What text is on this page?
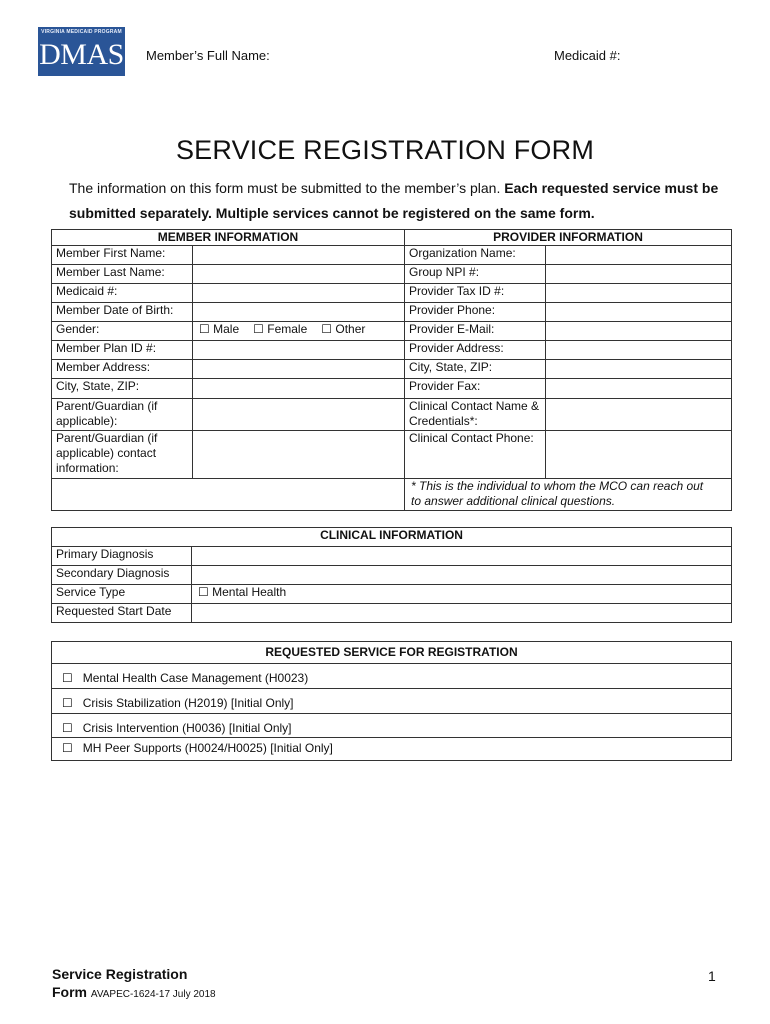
VIRGINIA MEDICAID PROGRAM
DMAS Member’s Full Name:	Medicaid #:
SERVICE REGISTRATION FORM
The information on this form must be submitted to the member’s plan. Each requested service must be submitted separately. Multiple services cannot be registered on the same form.
MEMBER INFORMATION		PROVIDER INFORMATION	
Member First Name:		Organization Name:	
Member Last Name:		Group NPI #:	
Medicaid #:		Provider Tax ID #:	
Member Date of Birth:		Provider Phone:	
Gender:	☐ Male ☐ Female ☐ Other	Provider E-Mail:	
Member Plan ID #:		Provider Address:	
Member Address:		City, State, ZIP:	
City, State, ZIP:		Provider Fax:	
Parent/Guardian (if applicable):		Clinical Contact Name & Credentials*:	
Parent/Guardian (if applicable) contact information:		Clinical Contact Phone:	

		* This is the individual to whom the MCO can reach out
to answer additional clinical questions.	
CLINICAL INFORMATION	
Primary Diagnosis	
Secondary Diagnosis	
Service Type	☐ Mental Health
Requested Start Date	
REQUESTED SERVICE FOR REGISTRATION
☐ Mental Health Case Management (H0023)
☐ Crisis Stabilization (H2019) [Initial Only]
☐ Crisis Intervention (H0036) [Initial Only]
☐ MH Peer Supports (H0024/H0025) [Initial Only]
Service Registration
Form AVAPEC-1624-17 July 2018
1
